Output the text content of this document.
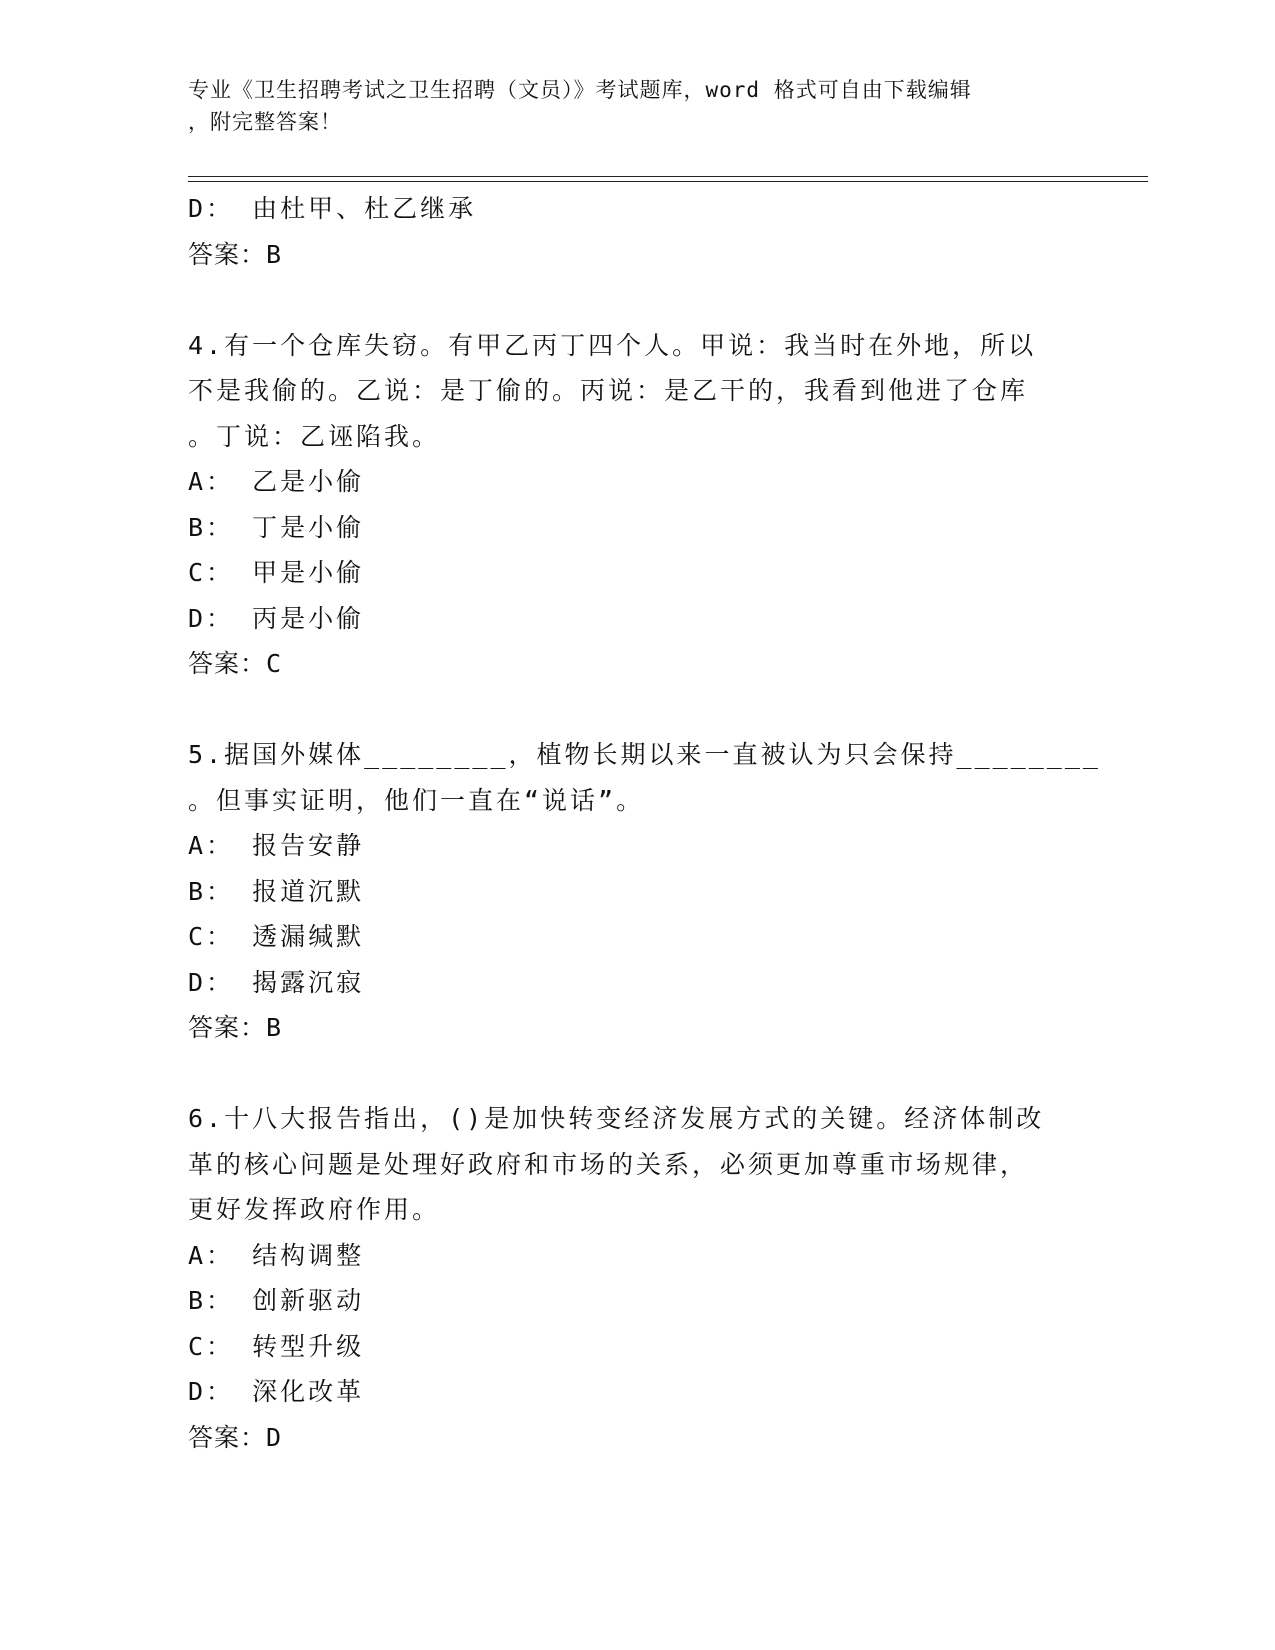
专业《卫生招聘考试之卫生招聘（文员）》考试题库，word 格式可自由下载编辑
，附完整答案！
D： 由杜甲、杜乙继承
答案：B
4.有一个仓库失窃。有甲乙丙丁四个人。甲说：我当时在外地，所以
不是我偷的。乙说：是丁偷的。丙说：是乙干的，我看到他进了仓库
。丁说：乙诬陷我。
A： 乙是小偷
B： 丁是小偷
C： 甲是小偷
D： 丙是小偷
答案：C
5.据国外媒体________，植物长期以来一直被认为只会保持________
。但事实证明，他们一直在“说话”。
A： 报告安静
B： 报道沉默
C： 透漏缄默
D： 揭露沉寂
答案：B
6.十八大报告指出，()是加快转变经济发展方式的关键。经济体制改
革的核心问题是处理好政府和市场的关系，必须更加尊重市场规律，
更好发挥政府作用。
A： 结构调整
B： 创新驱动
C： 转型升级
D： 深化改革
答案：D
